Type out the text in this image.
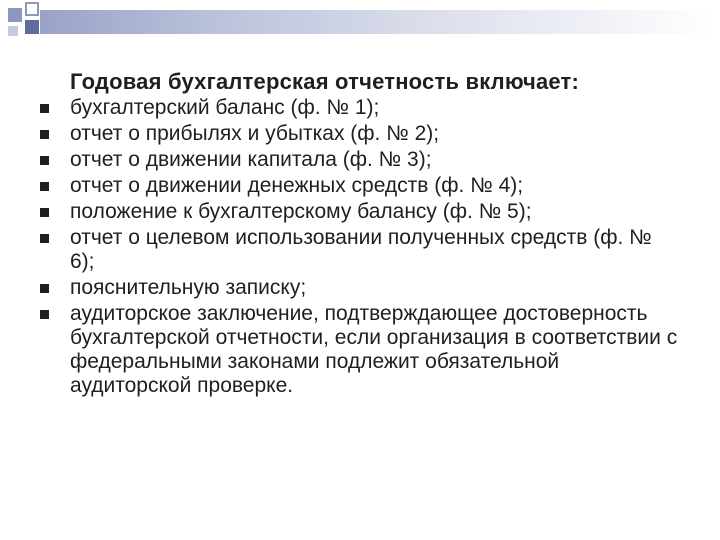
Годовая бухгалтерская отчетность включает:
бухгалтерский баланс (ф. № 1);
отчет о прибылях и убытках (ф. № 2);
отчет о движении капитала (ф. № 3);
отчет о движении денежных средств (ф. № 4);
положение к бухгалтерскому балансу (ф. № 5);
отчет о целевом использовании полученных средств (ф. № 6);
пояснительную записку;
аудиторское заключение, подтверждающее достоверность бухгалтерской отчетности, если организация в соответствии с федеральными законами подлежит обязательной аудиторской проверке.
